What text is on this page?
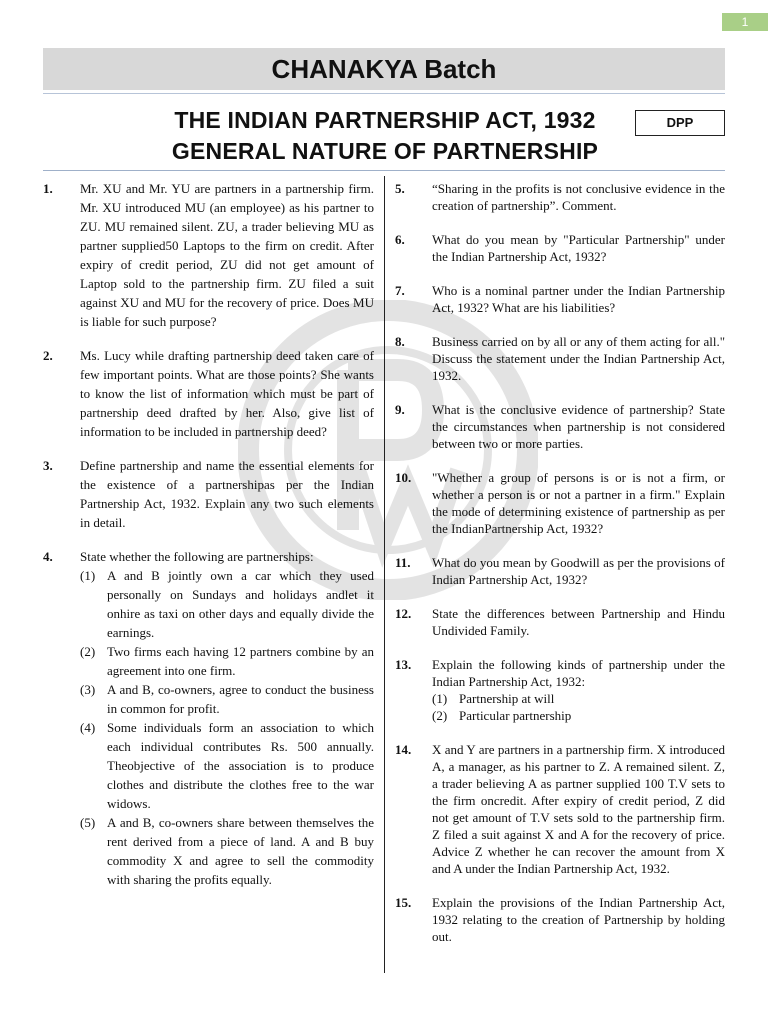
1
CHANAKYA Batch
THE INDIAN PARTNERSHIP ACT, 1932
GENERAL NATURE OF PARTNERSHIP
DPP
1. Mr. XU and Mr. YU are partners in a partnership firm. Mr. XU introduced MU (an employee) as his partner to ZU. MU remained silent. ZU, a trader believing MU as partner supplied50 Laptops to the firm on credit. After expiry of credit period, ZU did not get amount of Laptop sold to the partnership firm. ZU filed a suit against XU and MU for the recovery of price. Does MU is liable for such purpose?
2. Ms. Lucy while drafting partnership deed taken care of few important points. What are those points? She wants to know the list of information which must be part of partnership deed drafted by her. Also, give list of information to be included in partnership deed?
3. Define partnership and name the essential elements for the existence of a partnershipas per the Indian Partnership Act, 1932. Explain any two such elements in detail.
4. State whether the following are partnerships:
(1) A and B jointly own a car which they used personally on Sundays and holidays andlet it onhire as taxi on other days and equally divide the earnings.
(2) Two firms each having 12 partners combine by an agreement into one firm.
(3) A and B, co-owners, agree to conduct the business in common for profit.
(4) Some individuals form an association to which each individual contributes Rs. 500 annually. Theobjective of the association is to produce clothes and distribute the clothes free to the war widows.
(5) A and B, co-owners share between themselves the rent derived from a piece of land. A and B buy commodity X and agree to sell the commodity with sharing the profits equally.
5. “Sharing in the profits is not conclusive evidence in the creation of partnership”. Comment.
6. What do you mean by "Particular Partnership" under the Indian Partnership Act, 1932?
7. Who is a nominal partner under the Indian Partnership Act, 1932? What are his liabilities?
8. Business carried on by all or any of them acting for all." Discuss the statement under the Indian Partnership Act, 1932.
9. What is the conclusive evidence of partnership? State the circumstances when partnership is not considered between two or more parties.
10. "Whether a group of persons is or is not a firm, or whether a person is or not a partner in a firm." Explain the mode of determining existence of partnership as per the IndianPartnership Act, 1932?
11. What do you mean by Goodwill as per the provisions of Indian Partnership Act, 1932?
12. State the differences between Partnership and Hindu Undivided Family.
13. Explain the following kinds of partnership under the Indian Partnership Act, 1932:
(1) Partnership at will
(2) Particular partnership
14. X and Y are partners in a partnership firm. X introduced A, a manager, as his partner to Z. A remained silent. Z, a trader believing A as partner supplied 100 T.V sets to the firm oncredit. After expiry of credit period, Z did not get amount of T.V sets sold to the partnership firm. Z filed a suit against X and A for the recovery of price. Advice Z whether he can recover the amount from X and A under the Indian Partnership Act, 1932.
15. Explain the provisions of the Indian Partnership Act, 1932 relating to the creation of Partnership by holding out.
